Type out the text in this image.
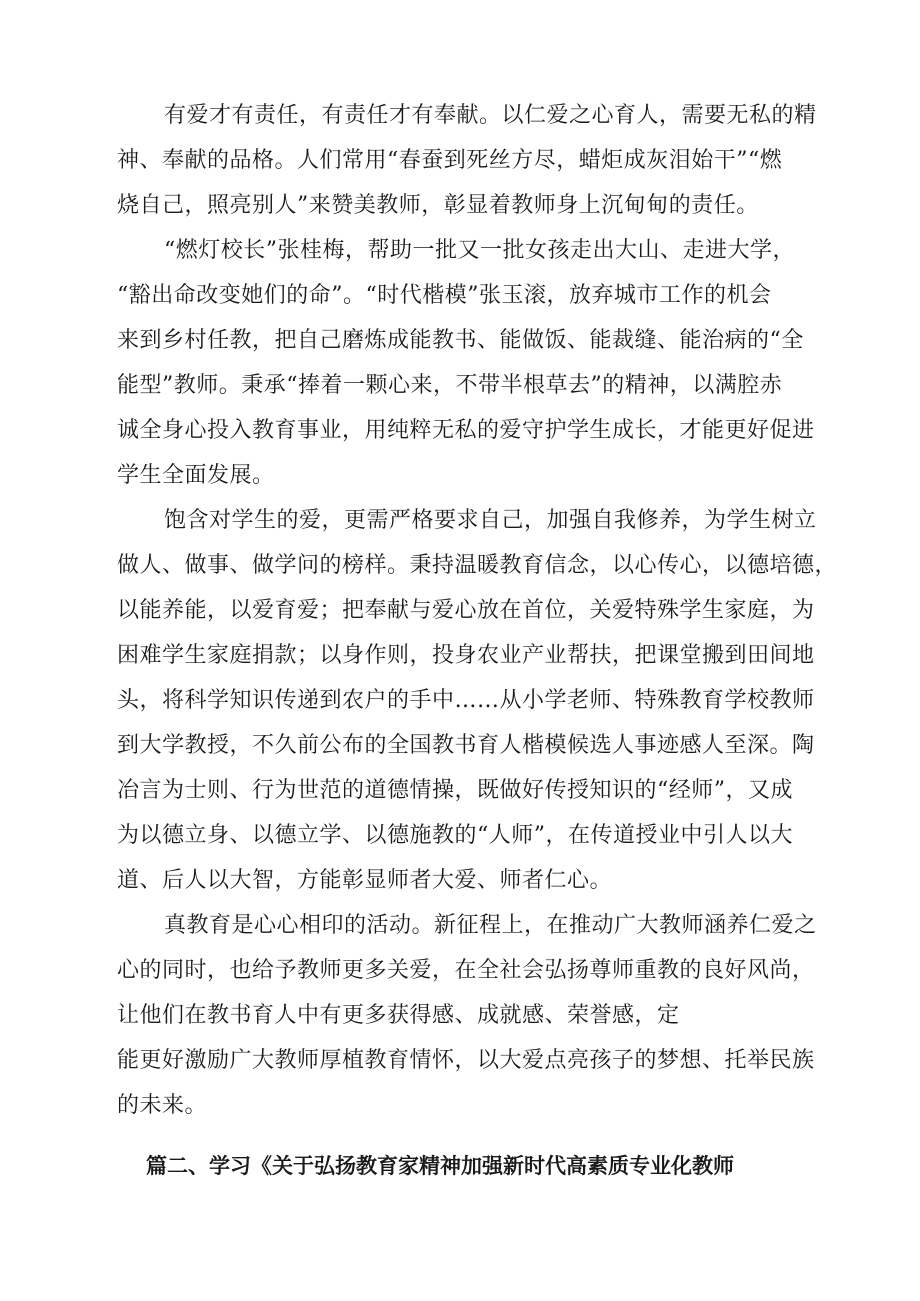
有爱才有责任，有责任才有奉献。以仁爱之心育人，需要无私的精
神、奉献的品格。人们常用“春蚕到死丝方尽，蜡炬成灰泪始干”“燃
烧自己，照亮别人”来赞美教师，彰显着教师身上沉甸甸的责任。
“燃灯校长”张桂梅，帮助一批又一批女孩走出大山、走进大学，
“豁出命改变她们的命”。“时代楷模”张玉滚，放弃城市工作的机会
来到乡村任教，把自己磨炼成能教书、能做饭、能裁缝、能治病的“全
能型”教师。秉承“捧着一颗心来，不带半根草去”的精神，以满腔赤
诚全身心投入教育事业，用纯粹无私的爱守护学生成长，才能更好促进
学生全面发展。
饱含对学生的爱，更需严格要求自己，加强自我修养，为学生树立
做人、做事、做学问的榜样。秉持温暖教育信念，以心传心，以德培德，
以能养能，以爱育爱；把奉献与爱心放在首位，关爱特殊学生家庭，为
困难学生家庭捐款；以身作则，投身农业产业帮扶，把课堂搬到田间地
头，将科学知识传递到农户的手中……从小学老师、特殊教育学校教师
到大学教授，不久前公布的全国教书育人楷模候选人事迹感人至深。陶
冶言为士则、行为世范的道德情操，既做好传授知识的“经师”，又成
为以德立身、以德立学、以德施教的“人师”，在传道授业中引人以大
道、后人以大智，方能彰显师者大爱、师者仁心。
真教育是心心相印的活动。新征程上，在推动广大教师涵养仁爱之
心的同时，也给予教师更多关爱，在全社会弘扬尊师重教的良好风尚，
让他们在教书育人中有更多获得感、成就感、荣誉感，定
能更好激励广大教师厚植教育情怀，以大爱点亮孩子的梦想、托举民族
的未来。
篇二、学习《关于弘扬教育家精神加强新时代高素质专业化教师
